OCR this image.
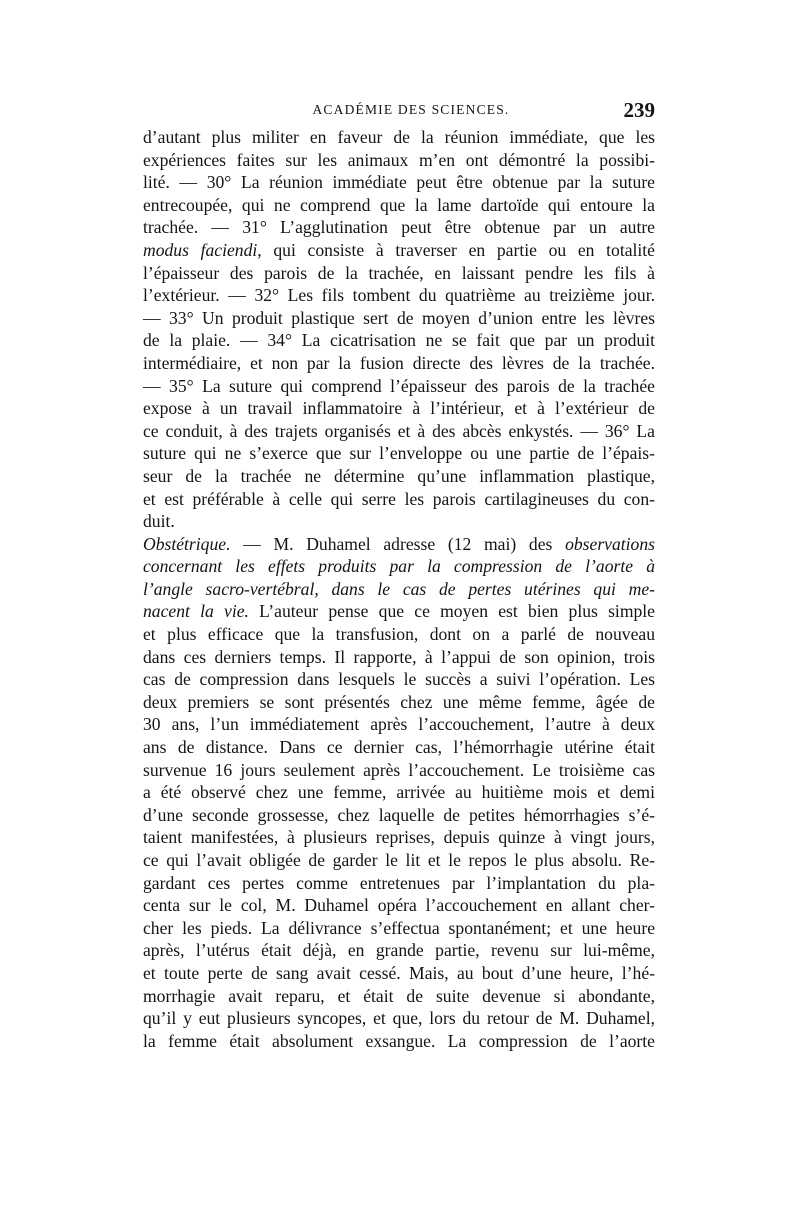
ACADÉMIE DES SCIENCES.	239
d’autant plus militer en faveur de la réunion immédiate, que les
expériences faites sur les animaux m’en ont démontré la possibi-
lité. — 30° La réunion immédiate peut être obtenue par la suture
entrecoupée, qui ne comprend que la lame dartoïde qui entoure la
trachée. — 31° L’agglutination peut être obtenue par un autre
modus faciendi, qui consiste à traverser en partie ou en totalité
l’épaisseur des parois de la trachée, en laissant pendre les fils à
l’extérieur. — 32° Les fils tombent du quatrième au treizième jour.
— 33° Un produit plastique sert de moyen d’union entre les lèvres
de la plaie. — 34° La cicatrisation ne se fait que par un produit
intermédiaire, et non par la fusion directe des lèvres de la trachée.
— 35° La suture qui comprend l’épaisseur des parois de la trachée
expose à un travail inflammatoire à l’intérieur, et à l’extérieur de
ce conduit, à des trajets organisés et à des abcès enkystés. — 36° La
suture qui ne s’exerce que sur l’enveloppe ou une partie de l’épais-
seur de la trachée ne détermine qu’une inflammation plastique,
et est préférable à celle qui serre les parois cartilagineuses du con-
duit.
Obstétrique. — M. Duhamel adresse (12 mai) des observations
concernant les effets produits par la compression de l’aorte à
l’angle sacro-vertébral, dans le cas de pertes utérines qui me-
nacent la vie. L’auteur pense que ce moyen est bien plus simple
et plus efficace que la transfusion, dont on a parlé de nouveau
dans ces derniers temps. Il rapporte, à l’appui de son opinion, trois
cas de compression dans lesquels le succès a suivi l’opération. Les
deux premiers se sont présentés chez une même femme, âgée de
30 ans, l’un immédiatement après l’accouchement, l’autre à deux
ans de distance. Dans ce dernier cas, l’hémorrhagie utérine était
survenue 16 jours seulement après l’accouchement. Le troisième cas
a été observé chez une femme, arrivée au huitième mois et demi
d’une seconde grossesse, chez laquelle de petites hémorrhagies s’é-
taient manifestées, à plusieurs reprises, depuis quinze à vingt jours,
ce qui l’avait obligée de garder le lit et le repos le plus absolu. Re-
gardant ces pertes comme entretenues par l’implantation du pla-
centa sur le col, M. Duhamel opéra l’accouchement en allant cher-
cher les pieds. La délivrance s’effectua spontanément; et une heure
après, l’utérus était déjà, en grande partie, revenu sur lui-même,
et toute perte de sang avait cessé. Mais, au bout d’une heure, l’hé-
morrhagie avait reparu, et était de suite devenue si abondante,
qu’il y eut plusieurs syncopes, et que, lors du retour de M. Duhamel,
la femme était absolument exsangue. La compression de l’aorte
